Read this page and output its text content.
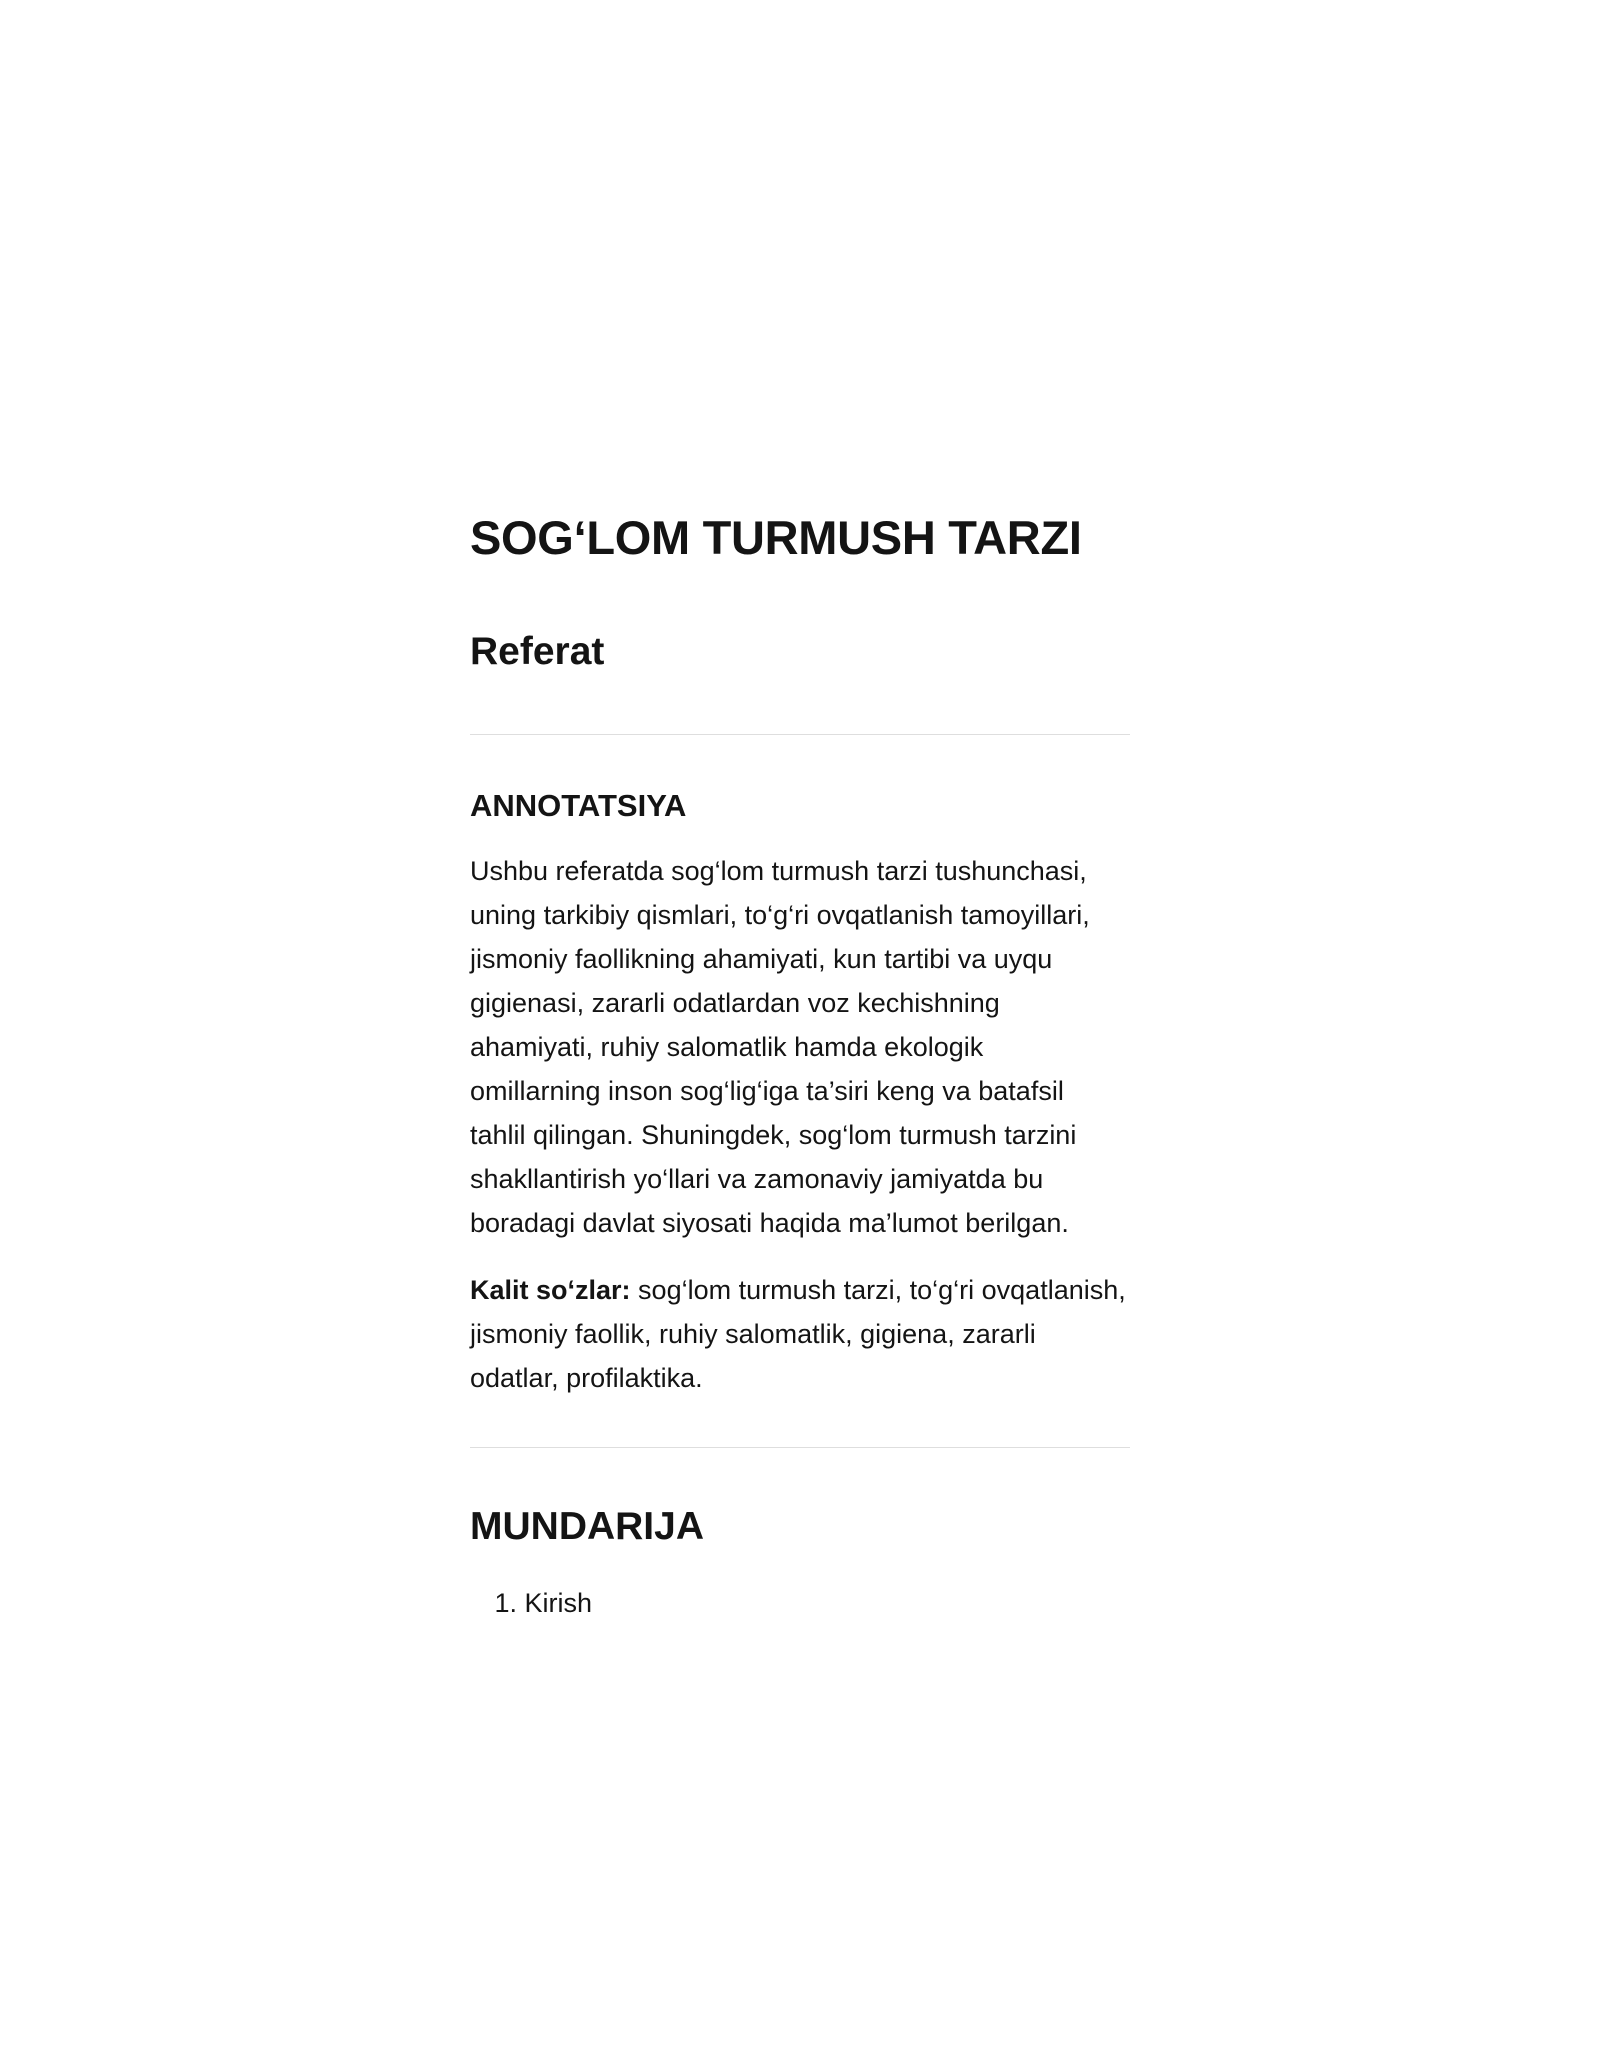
SOG‘LOM TURMUSH TARZI
Referat
ANNOTATSIYA

Ushbu referatda sog‘lom turmush tarzi tushunchasi,
uning tarkibiy qismlari, to‘g‘ri ovqatlanish tamoyillari,
jismoniy faollikning ahamiyati, kun tartibi va uyqu
gigienasi, zararli odatlardan voz kechishning
ahamiyati, ruhiy salomatlik hamda ekologik
omillarning inson sog‘lig‘iga ta’siri keng va batafsil
tahlil qilingan. Shuningdek, sog‘lom turmush tarzini
shakllantirish yo‘llari va zamonaviy jamiyatda bu
boradagi davlat siyosati haqida ma’lumot berilgan.

Kalit so‘zlar: sog‘lom turmush tarzi, to‘g‘ri ovqatlanish,
jismoniy faollik, ruhiy salomatlik, gigiena, zararli
odatlar, profilaktika.

MUNDARIJA
1. Kirish
